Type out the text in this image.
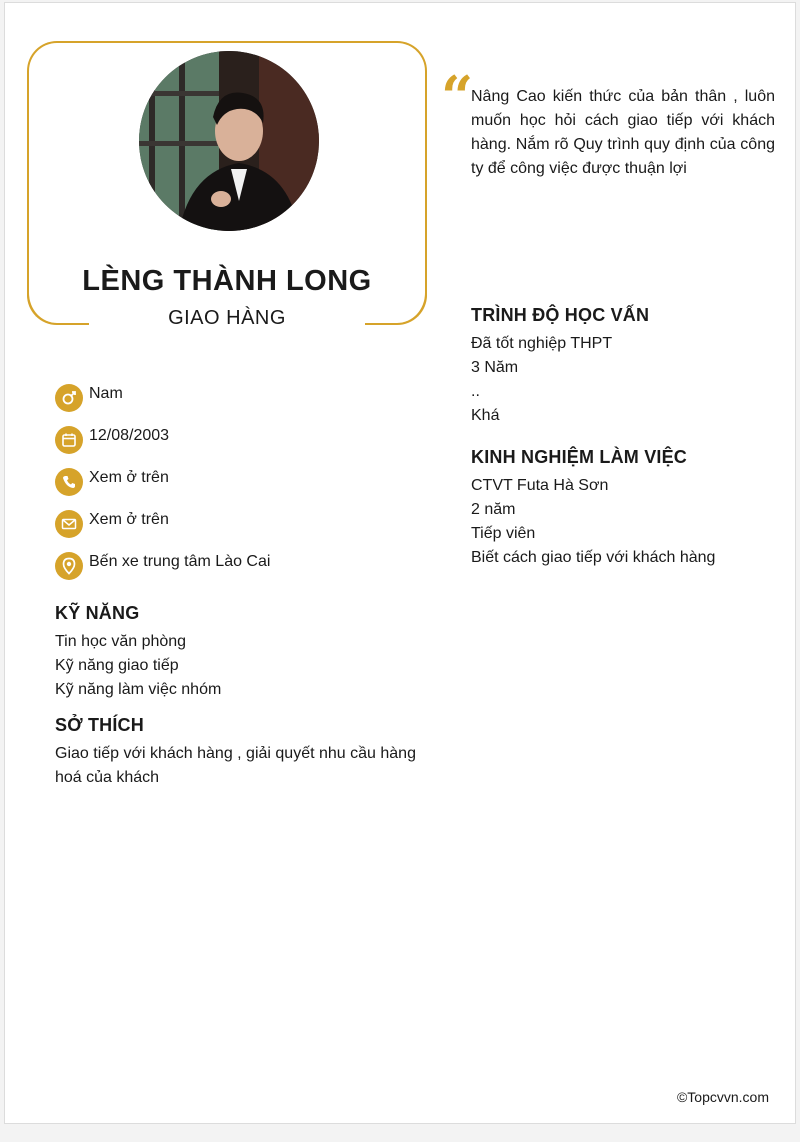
LÈNG THÀNH LONG
GIAO HÀNG
“
Nâng Cao kiến thức của bản thân , luôn muốn học hỏi cách giao tiếp với khách hàng. Nắm rõ Quy trình quy định của công ty để công việc được thuận lợi
Nam
12/08/2003
Xem ở trên
Xem ở trên
Bến xe trung tâm Lào Cai
KỸ NĂNG
Tin học văn phòng
Kỹ năng giao tiếp
Kỹ năng làm việc nhóm
SỞ THÍCH
Giao tiếp với khách hàng , giải quyết nhu cầu hàng hoá của khách
TRÌNH ĐỘ HỌC VẤN
Đã tốt nghiệp THPT
3 Năm
..
Khá
KINH NGHIỆM LÀM VIỆC
CTVT Futa Hà Sơn
2 năm
Tiếp viên
Biết cách giao tiếp với khách hàng
©Topcvvn.com
